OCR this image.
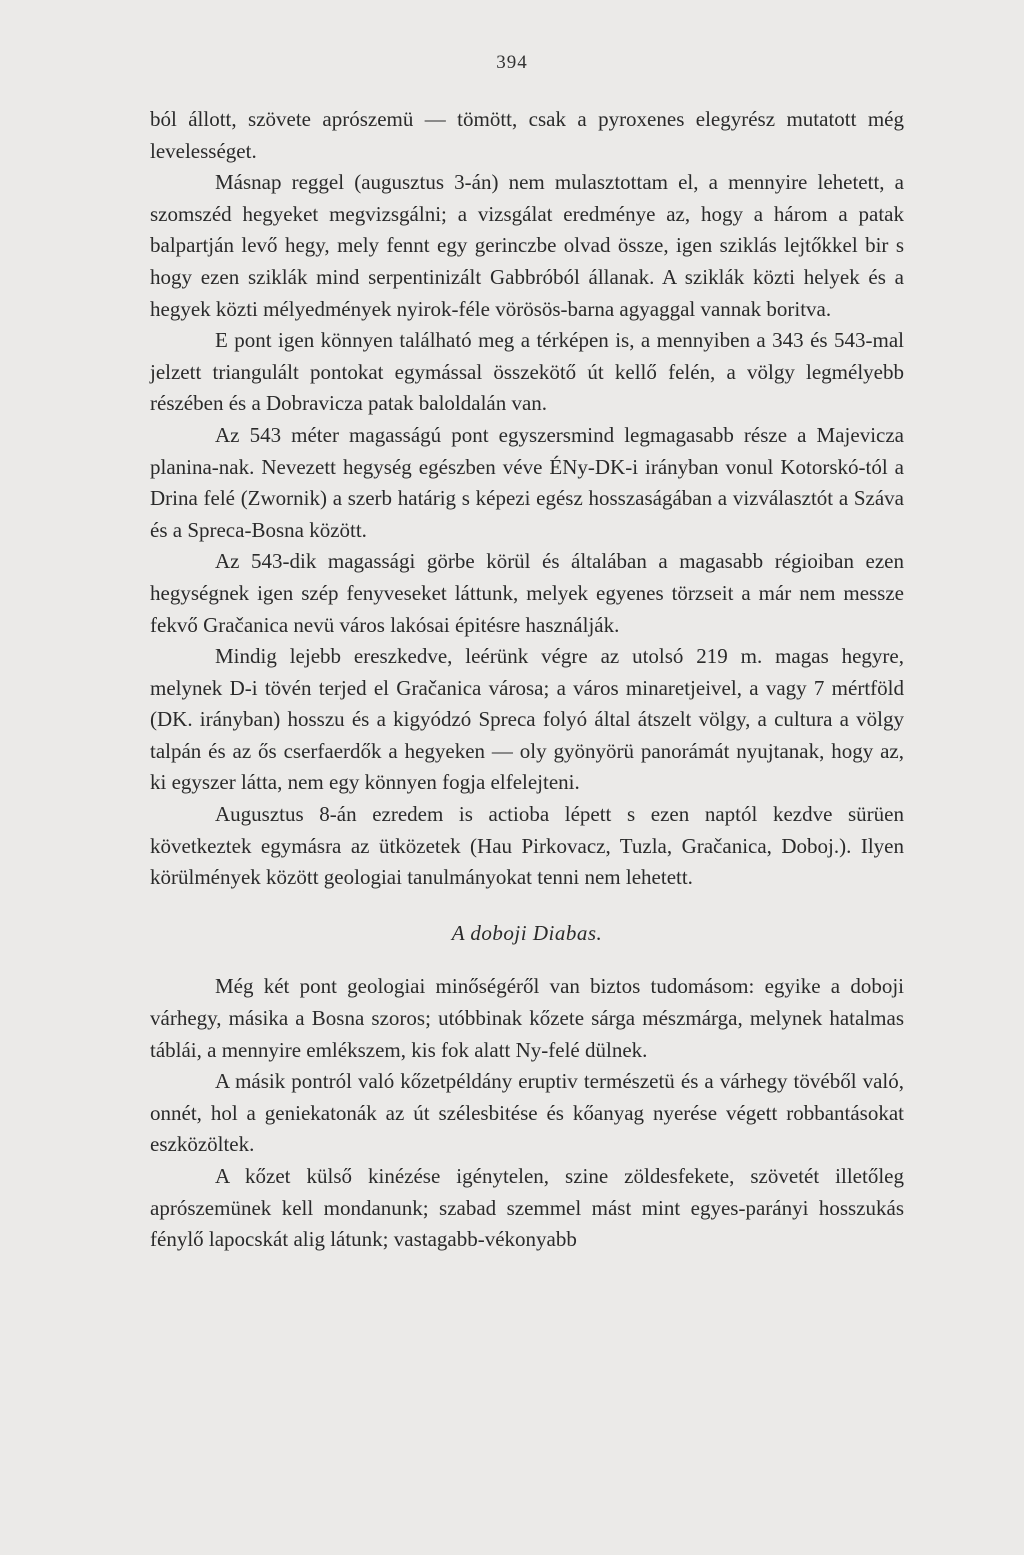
394

ból állott, szövete aprószemü — tömött, csak a pyroxenes elegyrész mutatott még levelességet.

Másnap reggel (augusztus 3-án) nem mulasztottam el, a mennyire lehetett, a szomszéd hegyeket megvizsgálni; a vizsgálat eredménye az, hogy a három a patak balpartján levő hegy, mely fennt egy gerinczbe olvad össze, igen sziklás lejtőkkel bir s hogy ezen sziklák mind serpentinizált Gabbróból állanak. A sziklák közti helyek és a hegyek közti mélyedmények nyirok-féle vörösös-barna agyaggal vannak boritva.

E pont igen könnyen található meg a térképen is, a mennyiben a 343 és 543-mal jelzett triangulált pontokat egymással összekötő út kellő felén, a völgy legmélyebb részében és a Dobravicza patak baloldalán van.

Az 543 méter magasságú pont egyszersmind legmagasabb része a Majevicza planina-nak. Nevezett hegység egészben véve ÉNy-DK-i irányban vonul Kotorskó-tól a Drina felé (Zwornik) a szerb határig s képezi egész hosszaságában a vizválasztót a Száva és a Spreca-Bosna között.

Az 543-dik magassági görbe körül és általában a magasabb régioiban ezen hegységnek igen szép fenyveseket láttunk, melyek egyenes törzseit a már nem messze fekvő Gračanica nevü város lakósai épitésre használják.

Mindig lejebb ereszkedve, leérünk végre az utolsó 219 m. magas hegyre, melynek D-i tövén terjed el Gračanica városa; a város minaretjeivel, a vagy 7 mértföld (DK. irányban) hosszu és a kigyódzó Spreca folyó által átszelt völgy, a cultura a völgy talpán és az ős cserfaerdők a hegyeken — oly gyönyörü panorámát nyujtanak, hogy az, ki egyszer látta, nem egy könnyen fogja elfelejteni.

Augusztus 8-án ezredem is actioba lépett s ezen naptól kezdve sürüen következtek egymásra az ütközetek (Hau Pirkovacz, Tuzla, Gračanica, Doboj.). Ilyen körülmények között geologiai tanulmányokat tenni nem lehetett.

A doboji Diabas.

Még két pont geologiai minőségéről van biztos tudomásom: egyike a doboji várhegy, másika a Bosna szoros; utóbbinak kőzete sárga mészmárga, melynek hatalmas táblái, a mennyire emlékszem, kis fok alatt Ny-felé dülnek.

A másik pontról való kőzetpéldány eruptiv természetü és a várhegy tövéből való, onnét, hol a geniekatonák az út szélesbitése és kőanyag nyerése végett robbantásokat eszközöltek.

A kőzet külső kinézése igénytelen, szine zöldesfekete, szövetét illetőleg aprószemünek kell mondanunk; szabad szemmel mást mint egyes-parányi hosszukás fénylő lapocskát alig látunk; vastagabb-vékonyabb
